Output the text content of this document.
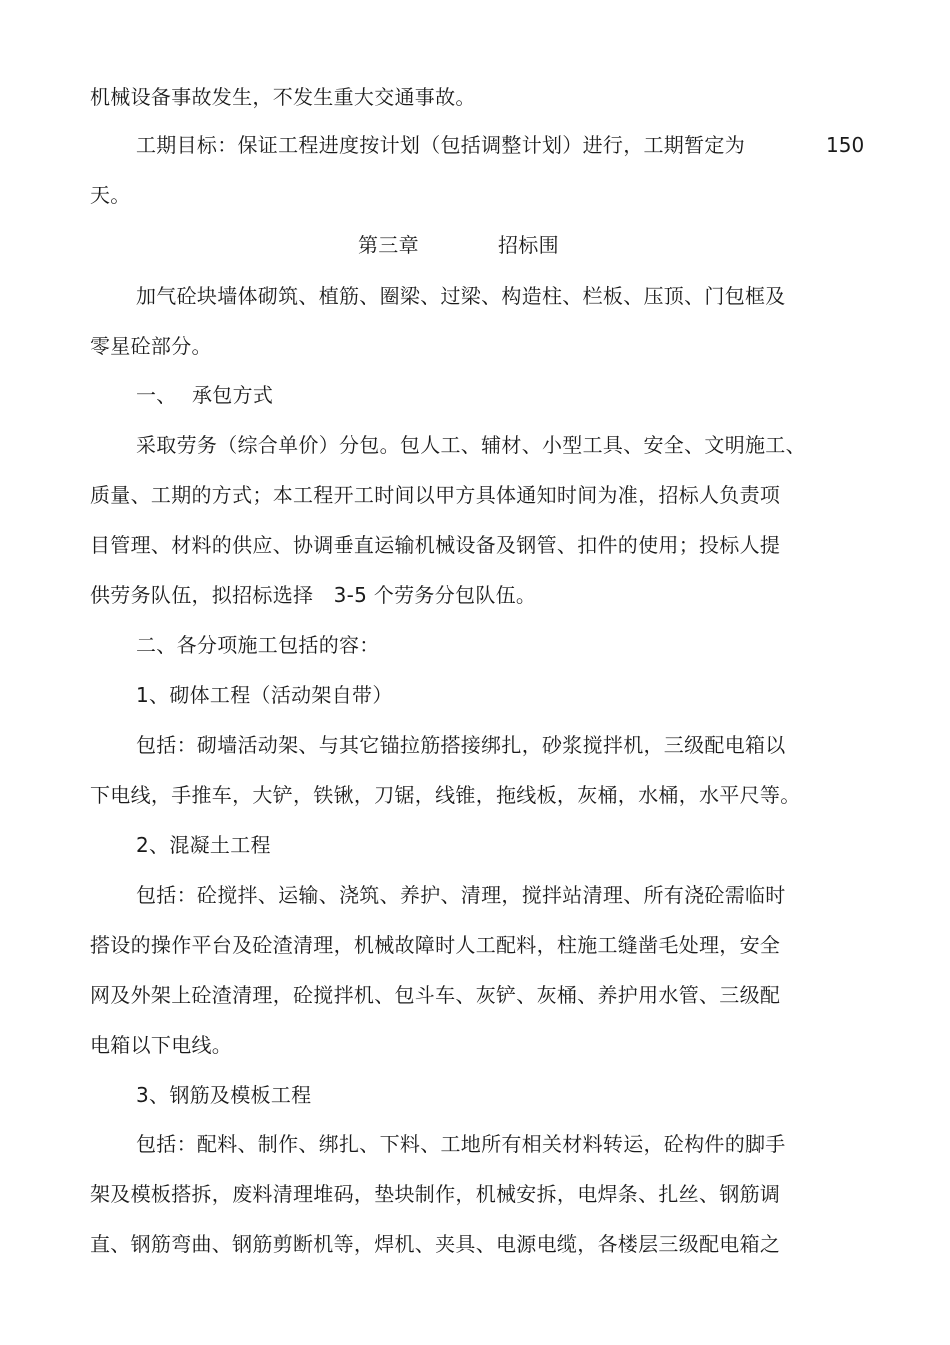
机械设备事故发生，不发生重大交通事故。
工期目标：保证工程进度按计划（包括调整计划）进行，工期暂定为	150
天。
第三章	招标围
加气砼块墙体砌筑、植筋、圈梁、过梁、构造柱、栏板、压顶、门包框及
零星砼部分。
一、 承包方式
采取劳务（综合单价）分包。包人工、辅材、小型工具、安全、文明施工、
质量、工期的方式；本工程开工时间以甲方具体通知时间为准，招标人负责项
目管理、材料的供应、协调垂直运输机械设备及钢管、扣件的使用；投标人提
供劳务队伍，拟招标选择　3-5 个劳务分包队伍。
二、各分项施工包括的容：
1、砌体工程（活动架自带）
包括：砌墙活动架、与其它锚拉筋搭接绑扎，砂浆搅拌机，三级配电箱以
下电线，手推车，大铲，铁锹，刀锯，线锥，拖线板，灰桶，水桶，水平尺等。
2、混凝土工程
包括：砼搅拌、运输、浇筑、养护、清理，搅拌站清理、所有浇砼需临时
搭设的操作平台及砼渣清理，机械故障时人工配料，柱施工缝凿毛处理，安全
网及外架上砼渣清理，砼搅拌机、包斗车、灰铲、灰桶、养护用水管、三级配
电箱以下电线。
3、钢筋及模板工程
包括：配料、制作、绑扎、下料、工地所有相关材料转运，砼构件的脚手
架及模板搭拆，废料清理堆码，垫块制作，机械安拆，电焊条、扎丝、钢筋调
直、钢筋弯曲、钢筋剪断机等，焊机、夹具、电源电缆，各楼层三级配电箱之
